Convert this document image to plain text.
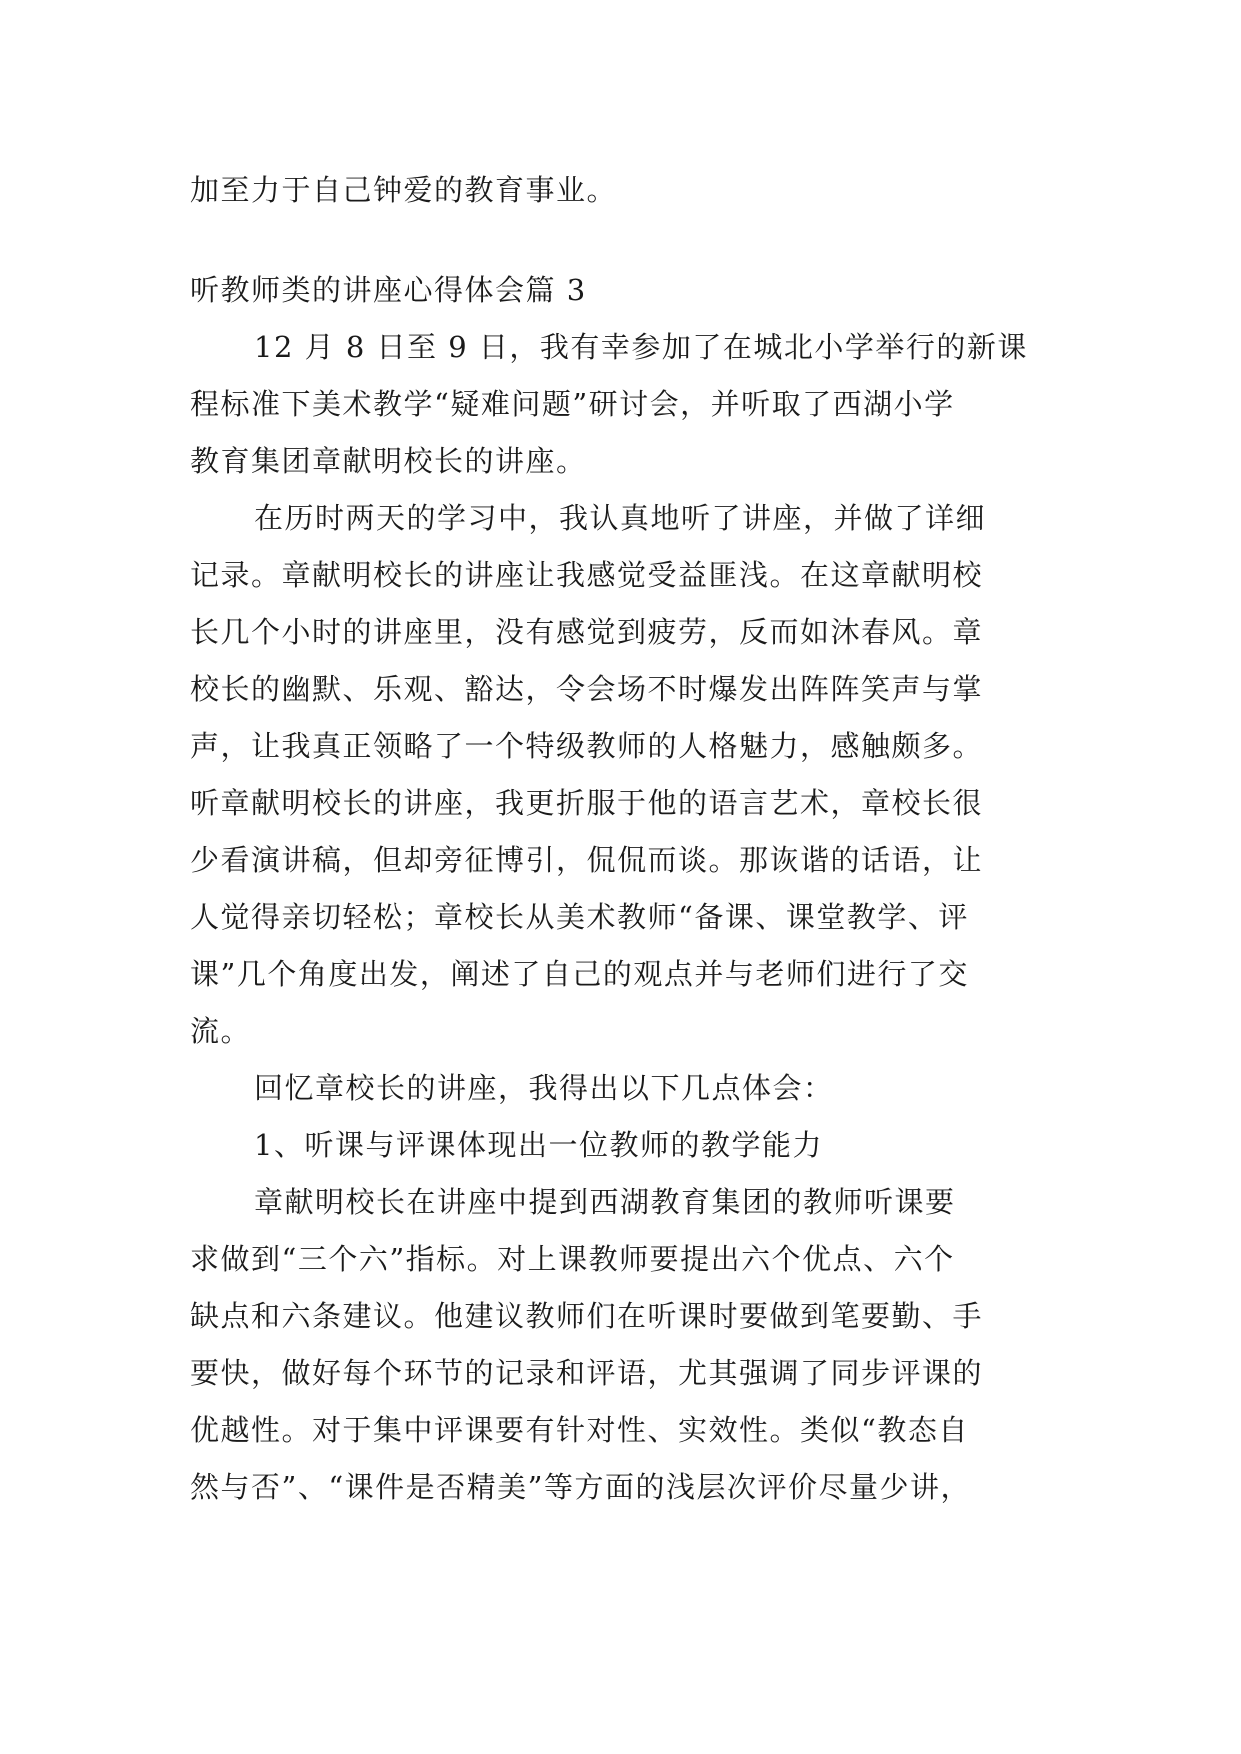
加至力于自己钟爱的教育事业。
听教师类的讲座心得体会篇 3
12 月 8 日至 9 日，我有幸参加了在城北小学举行的新课
程标准下美术教学“疑难问题”研讨会，并听取了西湖小学
教育集团章献明校长的讲座。
在历时两天的学习中，我认真地听了讲座，并做了详细
记录。章献明校长的讲座让我感觉受益匪浅。在这章献明校
长几个小时的讲座里，没有感觉到疲劳，反而如沐春风。章
校长的幽默、乐观、豁达，令会场不时爆发出阵阵笑声与掌
声，让我真正领略了一个特级教师的人格魅力，感触颇多。
听章献明校长的讲座，我更折服于他的语言艺术，章校长很
少看演讲稿，但却旁征博引，侃侃而谈。那诙谐的话语，让
人觉得亲切轻松；章校长从美术教师“备课、课堂教学、评
课”几个角度出发，阐述了自己的观点并与老师们进行了交
流。
回忆章校长的讲座，我得出以下几点体会：
1、听课与评课体现出一位教师的教学能力
章献明校长在讲座中提到西湖教育集团的教师听课要
求做到“三个六”指标。对上课教师要提出六个优点、六个
缺点和六条建议。他建议教师们在听课时要做到笔要勤、手
要快，做好每个环节的记录和评语，尤其强调了同步评课的
优越性。对于集中评课要有针对性、实效性。类似“教态自
然与否”、“课件是否精美”等方面的浅层次评价尽量少讲，
